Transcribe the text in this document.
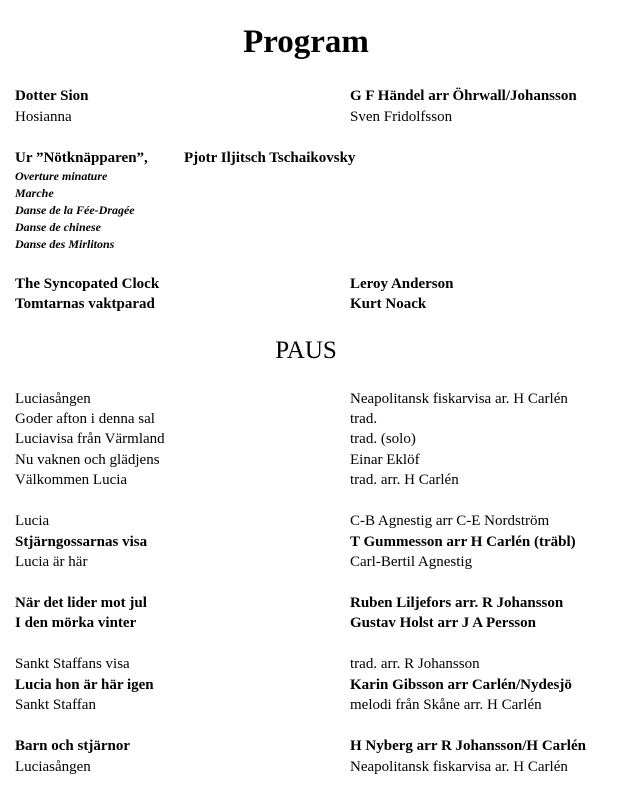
Program
Dotter Sion	G F Händel arr Öhrwall/Johansson
Hosianna	Sven Fridolfsson
Ur ”Nötknäpparen”, Pjotr Iljitsch Tschaikovsky
Overture minature
Marche
Danse de la Fée-Dragée
Danse de chinese
Danse des Mirlitons
The Syncopated Clock	Leroy Anderson
Tomtarnas vaktparad	Kurt Noack
PAUS
Luciasången	Neapolitansk fiskarvisa ar. H Carlén
Goder afton i denna sal	trad.
Luciavisa från Värmland	trad. (solo)
Nu vaknen och glädjens	Einar Eklöf
Välkommen Lucia	trad. arr. H Carlén
Lucia	C-B Agnestig arr C-E Nordström
Stjärngossarnas visa	T Gummesson arr H Carlén (träbl)
Lucia är här	Carl-Bertil Agnestig
När det lider mot jul	Ruben Liljefors arr. R Johansson
I den mörka vinter	Gustav Holst arr J A Persson
Sankt Staffans visa	trad. arr. R Johansson
Lucia hon är här igen	Karin Gibsson arr Carlén/Nydesjö
Sankt Staffan	melodi från Skåne arr. H Carlén
Barn och stjärnor	H Nyberg arr R Johansson/H Carlén
Luciasången	Neapolitansk fiskarvisa ar. H Carlén
